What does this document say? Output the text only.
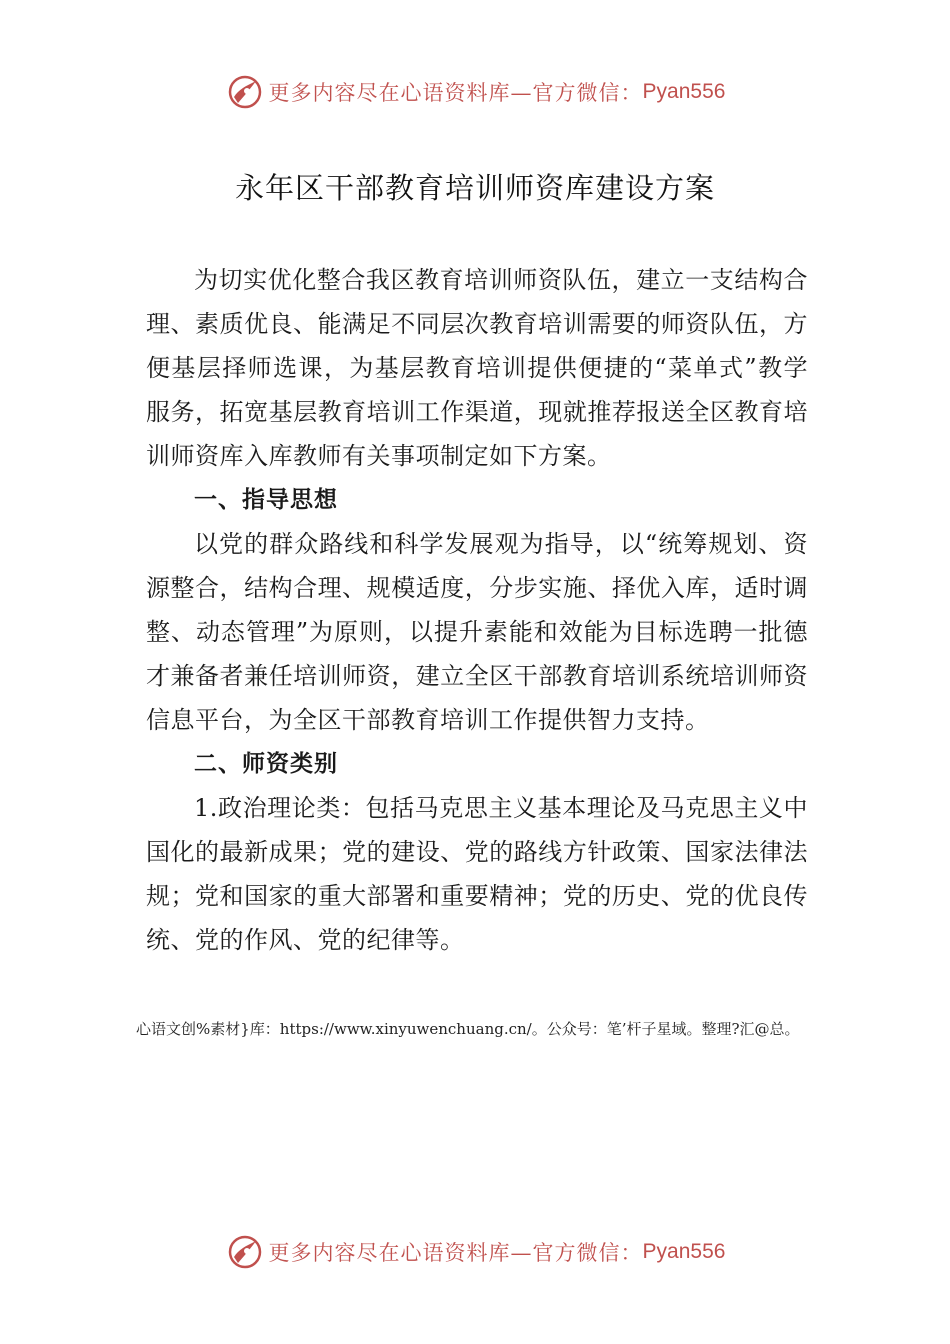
更多内容尽在心语资料库—官方微信： Pyan556
永年区干部教育培训师资库建设方案

为切实优化整合我区教育培训师资队伍，建立一支结构合理、素质优良、能满足不同层次教育培训需要的师资队伍，方便基层择师选课，为基层教育培训提供便捷的“菜单式”教学服务，拓宽基层教育培训工作渠道，现就推荐报送全区教育培训师资库入库教师有关事项制定如下方案。

一、指导思想

以党的群众路线和科学发展观为指导，以“统筹规划、资源整合，结构合理、规模适度，分步实施、择优入库，适时调整、动态管理”为原则，以提升素能和效能为目标选聘一批德才兼备者兼任培训师资，建立全区干部教育培训系统培训师资信息平台，为全区干部教育培训工作提供智力支持。

二、师资类别

1.政治理论类：包括马克思主义基本理论及马克思主义中国化的最新成果；党的建设、党的路线方针政策、国家法律法规；党和国家的重大部署和重要精神；党的历史、党的优良传统、党的作风、党的纪律等。

心语文创%素材}库：https://www.xinyuwenchuang.cn/。公众号：笔’杆子星域。整理?汇@总。
更多内容尽在心语资料库—官方微信： Pyan556
